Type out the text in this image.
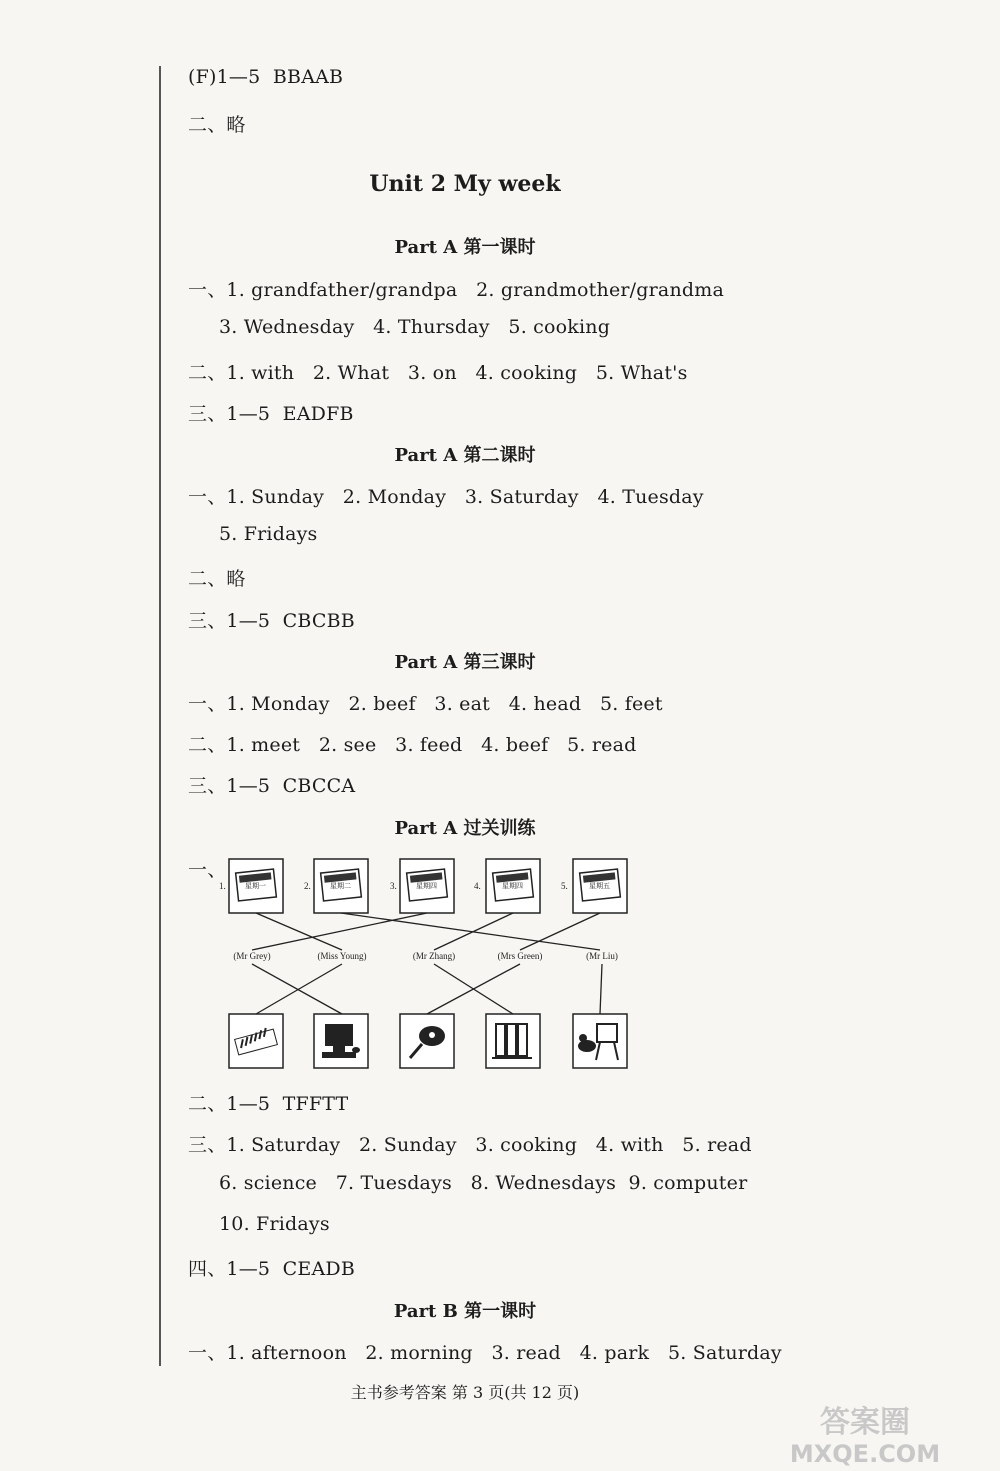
(F)1—5  BBAAB
二、略
Unit 2 My week
Part A 第一课时
一、1. grandfather/grandpa   2. grandmother/grandma
3. Wednesday   4. Thursday   5. cooking
二、1. with   2. What   3. on   4. cooking   5. What's
三、1—5  EADFB
Part A 第二课时
一、1. Sunday   2. Monday   3. Saturday   4. Tuesday
5. Fridays
二、略
三、1—5  CBCBB
Part A 第三课时
一、1. Monday   2. beef   3. eat   4. head   5. feet
二、1. meet   2. see   3. feed   4. beef   5. read
三、1—5  CBCCA
Part A 过关训练
一、
1.	星期一	2.	星期二	3.	星期四	4.	星期四	5.	星期五
(Mr Grey)	(Miss Young)	(Mr Zhang)	(Mrs Green)	(Mr Liu)
二、1—5  TFFTT
三、1. Saturday   2. Sunday   3. cooking   4. with   5. read
6. science   7. Tuesdays   8. Wednesdays  9. computer
10. Fridays
四、1—5  CEADB
Part B 第一课时
一、1. afternoon   2. morning   3. read   4. park   5. Saturday
主书参考答案 第 3 页(共 12 页)
答案圈
MXQE.COM
